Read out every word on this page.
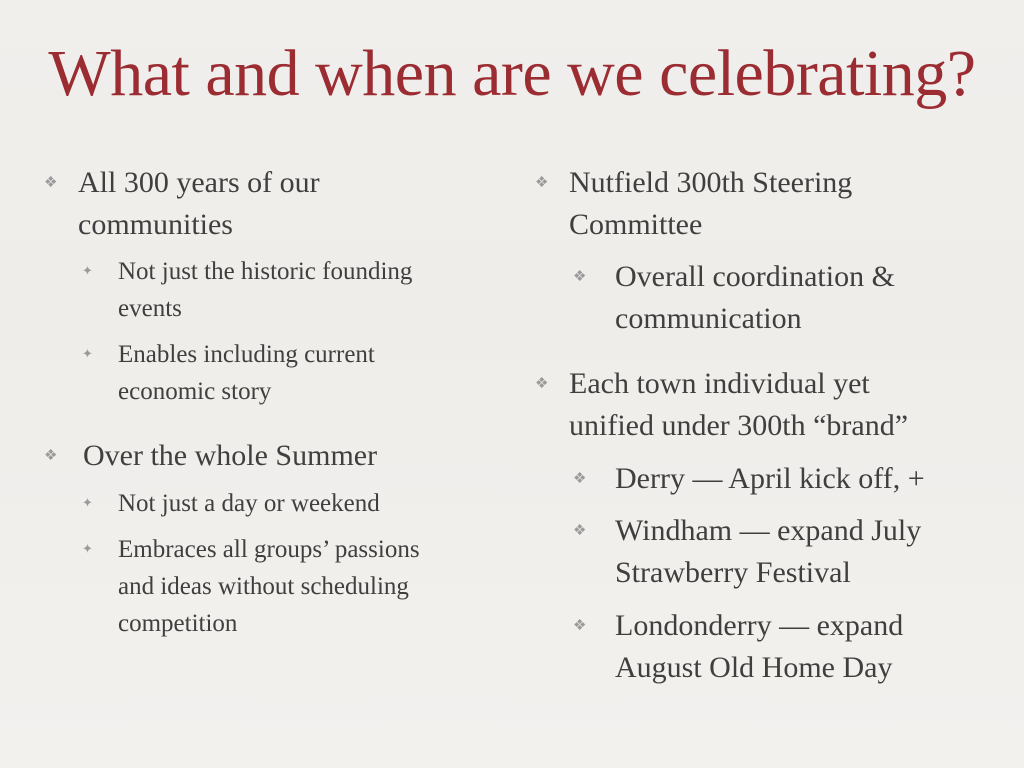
What and when are we celebrating?
❖ All 300 years of our
communities
✦ Not just the historic founding
events
✦ Enables including current
economic story
❖ Over the whole Summer
✦ Not just a day or weekend
✦ Embraces all groups’ passions
and ideas without scheduling
competition
❖ Nutfield 300th Steering
Committee
❖ Overall coordination &
communication
❖ Each town individual yet
unified under 300th “brand”
❖ Derry — April kick off, +
❖ Windham — expand July
Strawberry Festival
❖ Londonderry — expand
August Old Home Day
